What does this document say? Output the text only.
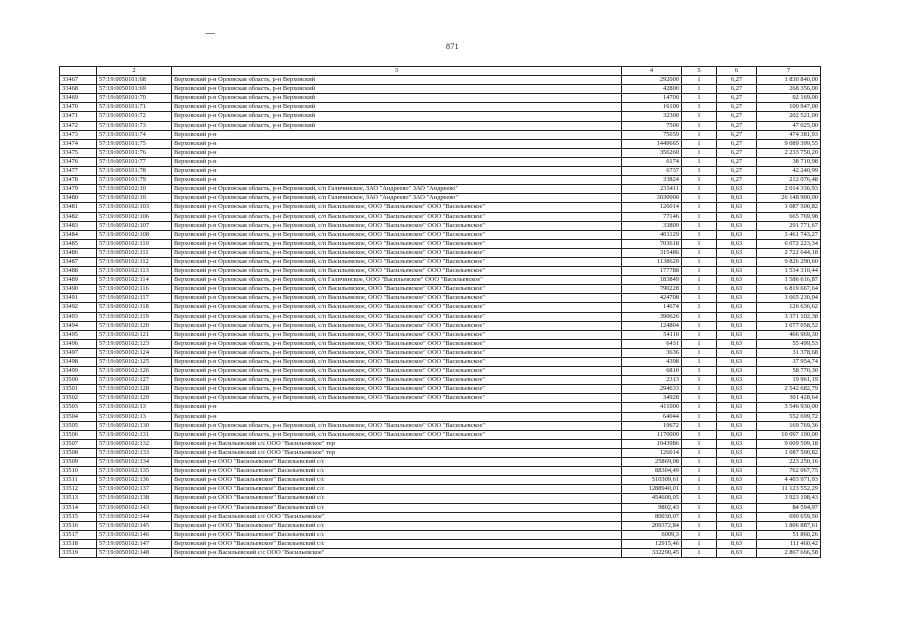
871
	2	3	4	5	6	7
33467	57:19:0050101:68	Верховский р-н Орловская область, р-н Верховский	292000	1	6,27	1 830 840,00
33468	57:19:0050101:69	Верховский р-н Орловская область, р-н Верховский	42800	1	6,27	268 356,00
33469	57:19:0050101:70	Верховский р-н Орловская область, р-н Верховский	14700	1	6,27	92 169,00
33470	57:19:0050101:71	Верховский р-н Орловская область, р-н Верховский	16100	1	6,27	100 947,00
33471	57:19:0050101:72	Верховский р-н Орловская область, р-н Верховский	32300	1	6,27	202 521,00
33472	57:19:0050101:73	Верховский р-н Орловская область, р-н Верховский	7500	1	6,27	47 025,00
33473	57:19:0050101:74	Верховский р-н	75659	1	6,27	474 381,93
33474	57:19:0050101:75	Верховский р-н	1449665	1	6,27	9 089 399,55
33475	57:19:0050101:76	Верховский р-н	356260	1	6,27	2 233 750,20
33476	57:19:0050101:77	Верховский р-н	6174	1	6,27	38 710,98
33477	57:19:0050101:78	Верховский р-н	6737	1	6,27	42 240,99
33478	57:19:0050101:79	Верховский р-н	33824	1	6,27	212 076,48
33479	57:19:0050102:10	Верховский р-н Орловская область, р-н Верховский, с/п Галичинское, ЗАО "Андреево" ЗАО "Андреево"	233411	1	8,63	2 014 336,93
33480	57:19:0050102:10	Верховский р-н Орловская область, р-н Верховский, с/п Галичинское, ЗАО "Андреево" ЗАО "Андреево"	3030000	1	8,63	26 148 900,00
33481	57:19:0050102:103	Верховский р-н Орловская область, р-н Верховский, с/п Васильевское, ООО "Васильевское" ООО "Васильевское"	126014	1	8,63	1 087 500,82
33482	57:19:0050102:106	Верховский р-н Орловская область, р-н Верховский, с/п Васильевское, ООО "Васильевское" ООО "Васильевское"	77146	1	8,63	665 769,98
33483	57:19:0050102:107	Верховский р-н Орловская область, р-н Верховский, с/п Васильевское, ООО "Васильевское" ООО "Васильевское"	33809	1	8,63	291 771,67
33484	57:19:0050102:108	Верховский р-н Орловская область, р-н Верховский, с/п Васильевское, ООО "Васильевское" ООО "Васильевское"	401129	1	8,63	3 461 743,27
33485	57:19:0050102:110	Верховский р-н Орловская область, р-н Верховский, с/п Васильевское, ООО "Васильевское" ООО "Васильевское"	703618	1	8,63	6 072 223,34
33486	57:19:0050102:111	Верховский р-н Орловская область, р-н Верховский, с/п Васильевское, ООО "Васильевское" ООО "Васильевское"	315486	1	8,63	2 722 644,18
33487	57:19:0050102:112	Верховский р-н Орловская область, р-н Верховский, с/п Васильевское, ООО "Васильевское" ООО "Васильевское"	1138620	1	8,63	9 826 290,60
33488	57:19:0050102:113	Верховский р-н Орловская область, р-н Верховский, с/п Васильевское, ООО "Васильевское" ООО "Васильевское"	177788	1	8,63	1 534 310,44
33489	57:19:0050102:114	Верховский р-н Орловская область, р-н Верховский, с/п Галичинское, ООО "Васильевское" ООО "Васильевское"	183849	1	8,63	1 586 616,87
33490	57:19:0050102:116	Верховский р-н Орловская область, р-н Верховский, с/п Васильевское, ООО "Васильевское" ООО "Васильевское"	790228	1	8,63	6 819 667,64
33491	57:19:0050102:117	Верховский р-н Орловская область, р-н Верховский, с/п Васильевское, ООО "Васильевское" ООО "Васильевское"	424708	1	8,63	3 665 230,04
33492	57:19:0050102:118	Верховский р-н Орловская область, р-н Верховский, с/п Васильевское, ООО "Васильевское" ООО "Васильевское"	14674	1	8,63	126 636,62
33493	57:19:0050102:119	Верховский р-н Орловская область, р-н Верховский, с/п Васильевское, ООО "Васильевское" ООО "Васильевское"	390626	1	8,63	3 371 102,38
33494	57:19:0050102:120	Верховский р-н Орловская область, р-н Верховский, с/п Васильевское, ООО "Васильевское" ООО "Васильевское"	124804	1	8,63	1 077 058,52
33495	57:19:0050102:121	Верховский р-н Орловская область, р-н Верховский, с/п Васильевское, ООО "Васильевское" ООО "Васильевское"	54110	1	8,63	466 969,30
33496	57:19:0050102:123	Верховский р-н Орловская область, р-н Верховский, с/п Васильевское, ООО "Васильевское" ООО "Васильевское"	6431	1	8,63	55 499,53
33497	57:19:0050102:124	Верховский р-н Орловская область, р-н Верховский, с/п Васильевское, ООО "Васильевское" ООО "Васильевское"	3636	1	8,63	31 378,68
33498	57:19:0050102:125	Верховский р-н Орловская область, р-н Верховский, с/п Васильевское, ООО "Васильевское" ООО "Васильевское"	4398	1	8,63	37 954,74
33499	57:19:0050102:126	Верховский р-н Орловская область, р-н Верховский, с/п Васильевское, ООО "Васильевское" ООО "Васильевское"	6810	1	8,63	58 770,30
33500	57:19:0050102:127	Верховский р-н Орловская область, р-н Верховский, с/п Васильевское, ООО "Васильевское" ООО "Васильевское"	2313	1	8,63	19 961,19
33501	57:19:0050102:128	Верховский р-н Орловская область, р-н Верховский, с/п Васильевское, ООО "Васильевское" ООО "Васильевское"	294633	1	8,63	2 542 682,79
33502	57:19:0050102:129	Верховский р-н Орловская область, р-н Верховский, с/п Васильевское, ООО "Васильевское" ООО "Васильевское"	34928	1	8,63	301 428,64
33503	57:19:0050102:13	Верховский р-н	411000	1	8,63	3 546 930,00
33504	57:19:0050102:13	Верховский р-н	64044	1	8,63	552 699,72
33505	57:19:0050102:130	Верховский р-н Орловская область, р-н Верховский, с/п Васильевское, ООО "Васильевское" ООО "Васильевское"	19672	1	8,63	169 769,36
33506	57:19:0050102:131	Верховский р-н Орловская область, р-н Верховский, с/п Васильевское, ООО "Васильевское" ООО "Васильевское"	1170000	1	8,63	10 097 100,00
33507	57:19:0050102:132	Верховский р-н Васильевский с/с ООО "Васильевское" тер	1043986	1	8,63	9 009 599,18
33508	57:19:0050102:133	Верховский р-н Васильевский с/с ООО "Васильевское" тер	126014	1	8,63	1 087 500,82
33509	57:19:0050102:134	Верховский р-н ООО "Васильевское" Васильевский с/с	25869,08	1	8,63	223 250,16
33510	57:19:0050102:135	Верховский р-н ООО "Васильевское" Васильевский с/с	88304,49	1	8,63	762 067,75
33511	57:19:0050102:136	Верховский р-н ООО "Васильевское" Васильевский с/с	510309,61	1	8,63	4 403 971,93
33512	57:19:0050102:137	Верховский р-н ООО "Васильевское" Васильевский с/с	1288940,01	1	8,63	11 123 552,29
33513	57:19:0050102:138	Верховский р-н ООО "Васильевское" Васильевский с/с	454600,05	1	8,63	3 923 198,43
33514	57:19:0050102:143	Верховский р-н ООО "Васильевское" Васильевский с/с	9802,43	1	8,63	84 594,97
33515	57:19:0050102:144	Верховский р-н Васильевский с/с ООО "Васильевское"	80030,07	1	8,63	690 659,50
33516	57:19:0050102:145	Верховский р-н ООО "Васильевское" Васильевский с/с	209372,84	1	8,63	1 806 887,61
33517	57:19:0050102:146	Верховский р-н ООО "Васильевское" Васильевский с/с	6009,3	1	8,63	51 860,26
33518	57:19:0050102:147	Верховский р-н ООО "Васильевское" Васильевский с/с	12915,46	1	8,63	111 460,42
33519	57:19:0050102:148	Верховский р-н Васильевский с/с ООО "Васильевское"	332290,45	1	8,63	2 867 666,58
